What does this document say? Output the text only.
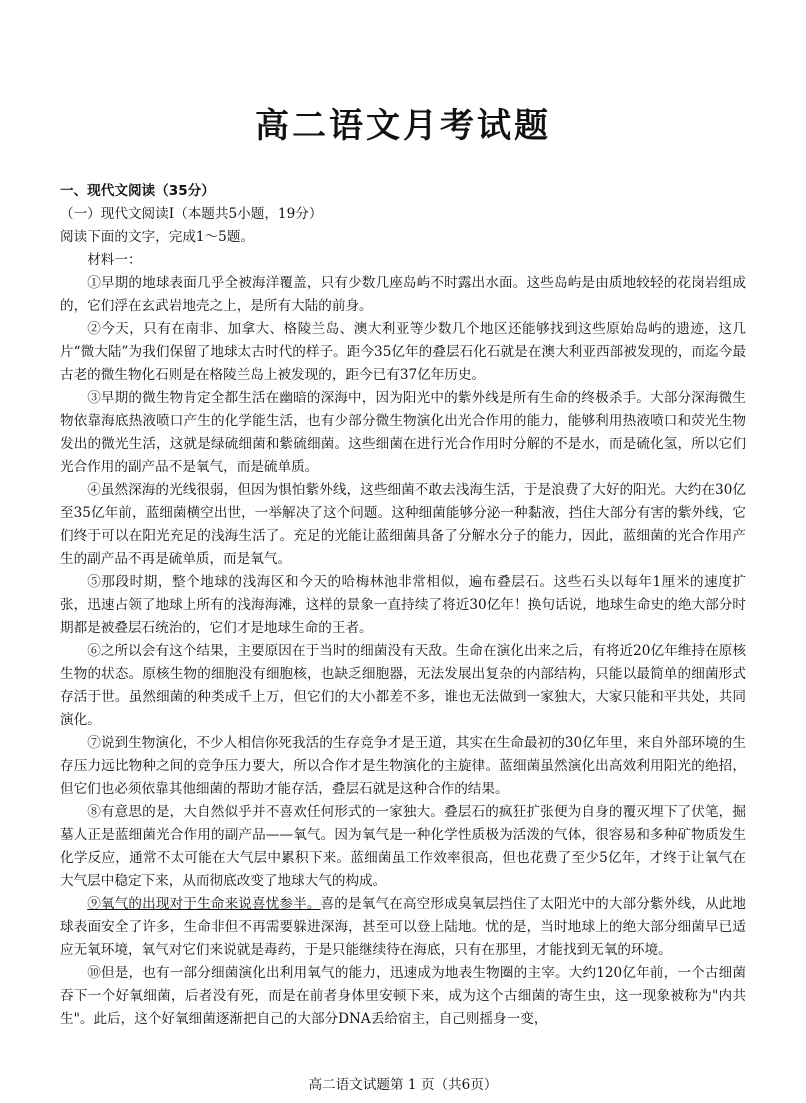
高二语文月考试题

一、现代文阅读（35分）

（一）现代文阅读Ⅰ（本题共5小题，19分）

阅读下面的文字，完成1～5题。

材料一：

①早期的地球表面几乎全被海洋覆盖，只有少数几座岛屿不时露出水面。这些岛屿是由质地较轻的花岗岩组成的，它们浮在玄武岩地壳之上，是所有大陆的前身。

②今天，只有在南非、加拿大、格陵兰岛、澳大利亚等少数几个地区还能够找到这些原始岛屿的遗迹，这几片“微大陆”为我们保留了地球太古时代的样子。距今35亿年的叠层石化石就是在澳大利亚西部被发现的，而迄今最古老的微生物化石则是在格陵兰岛上被发现的，距今已有37亿年历史。

③早期的微生物肯定全都生活在幽暗的深海中，因为阳光中的紫外线是所有生命的终极杀手。大部分深海微生物依靠海底热液喷口产生的化学能生活，也有少部分微生物演化出光合作用的能力，能够利用热液喷口和荧光生物发出的微光生活，这就是绿硫细菌和紫硫细菌。这些细菌在进行光合作用时分解的不是水，而是硫化氢，所以它们光合作用的副产品不是氧气，而是硫单质。

④虽然深海的光线很弱，但因为惧怕紫外线，这些细菌不敢去浅海生活，于是浪费了大好的阳光。大约在30亿至35亿年前，蓝细菌横空出世，一举解决了这个问题。这种细菌能够分泌一种黏液，挡住大部分有害的紫外线，它们终于可以在阳光充足的浅海生活了。充足的光能让蓝细菌具备了分解水分子的能力，因此，蓝细菌的光合作用产生的副产品不再是硫单质，而是氧气。

⑤那段时期，整个地球的浅海区和今天的哈梅林池非常相似，遍布叠层石。这些石头以每年1厘米的速度扩张，迅速占领了地球上所有的浅海海滩，这样的景象一直持续了将近30亿年！换句话说，地球生命史的绝大部分时期都是被叠层石统治的，它们才是地球生命的王者。

⑥之所以会有这个结果，主要原因在于当时的细菌没有天敌。生命在演化出来之后，有将近20亿年维持在原核生物的状态。原核生物的细胞没有细胞核，也缺乏细胞器，无法发展出复杂的内部结构，只能以最简单的细菌形式存活于世。虽然细菌的种类成千上万，但它们的大小都差不多，谁也无法做到一家独大，大家只能和平共处，共同演化。

⑦说到生物演化，不少人相信你死我活的生存竞争才是王道，其实在生命最初的30亿年里，来自外部环境的生存压力远比物种之间的竞争压力要大，所以合作才是生物演化的主旋律。蓝细菌虽然演化出高效利用阳光的绝招，但它们也必须依靠其他细菌的帮助才能存活，叠层石就是这种合作的结果。

⑧有意思的是，大自然似乎并不喜欢任何形式的一家独大。叠层石的疯狂扩张便为自身的覆灭埋下了伏笔，掘墓人正是蓝细菌光合作用的副产品——氧气。因为氧气是一种化学性质极为活泼的气体，很容易和多种矿物质发生化学反应，通常不太可能在大气层中累积下来。蓝细菌虽工作效率很高，但也花费了至少5亿年，才终于让氧气在大气层中稳定下来，从而彻底改变了地球大气的构成。

⑨氧气的出现对于生命来说喜忧参半。喜的是氧气在高空形成臭氧层挡住了太阳光中的大部分紫外线，从此地球表面安全了许多，生命非但不再需要躲进深海，甚至可以登上陆地。忧的是，当时地球上的绝大部分细菌早已适应无氧环境，氧气对它们来说就是毒药，于是只能继续待在海底，只有在那里，才能找到无氧的环境。

⑩但是，也有一部分细菌演化出利用氧气的能力，迅速成为地表生物圈的主宰。大约120亿年前，一个古细菌吞下一个好氧细菌，后者没有死，而是在前者身体里安顿下来，成为这个古细菌的寄生虫，这一现象被称为"内共生"。此后，这个好氧细菌逐渐把自己的大部分DNA丢给宿主，自己则摇身一变，

高二语文试题第 1 页（共6页）
